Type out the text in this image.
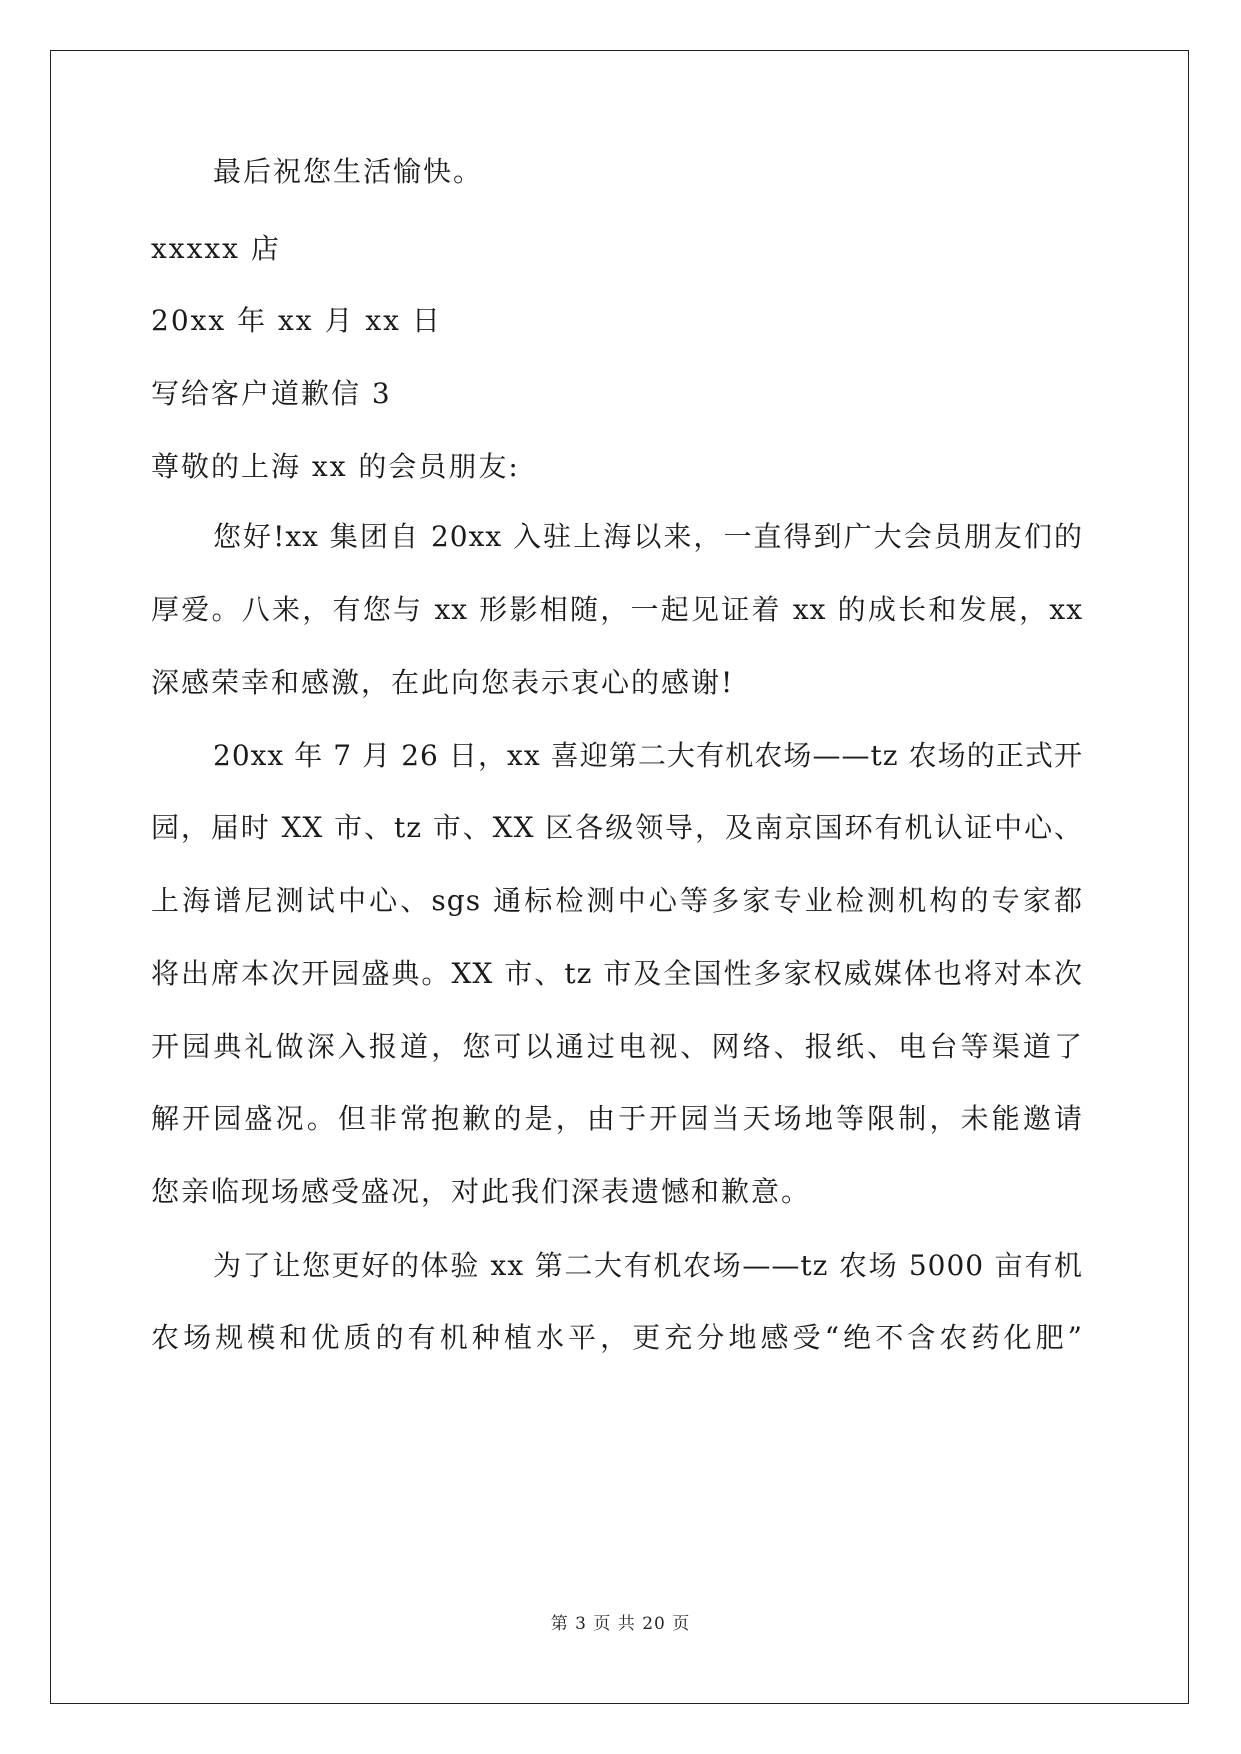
最后祝您生活愉快。
xxxxx 店
20xx 年 xx 月 xx 日
写给客户道歉信 3
尊敬的上海 xx 的会员朋友:
您好!xx 集团自 20xx 入驻上海以来，一直得到广大会员朋友们的
厚爱。八来，有您与 xx 形影相随，一起见证着 xx 的成长和发展，xx
深感荣幸和感激，在此向您表示衷心的感谢!
20xx 年 7 月 26 日，xx 喜迎第二大有机农场——tz 农场的正式开
园，届时 XX 市、tz 市、XX 区各级领导，及南京国环有机认证中心、
上海谱尼测试中心、sgs 通标检测中心等多家专业检测机构的专家都
将出席本次开园盛典。XX 市、tz 市及全国性多家权威媒体也将对本次
开园典礼做深入报道，您可以通过电视、网络、报纸、电台等渠道了
解开园盛况。但非常抱歉的是，由于开园当天场地等限制，未能邀请
您亲临现场感受盛况，对此我们深表遗憾和歉意。
为了让您更好的体验 xx 第二大有机农场——tz 农场 5000 亩有机
农场规模和优质的有机种植水平，更充分地感受“绝不含农药化肥”
第 3 页 共 20 页
